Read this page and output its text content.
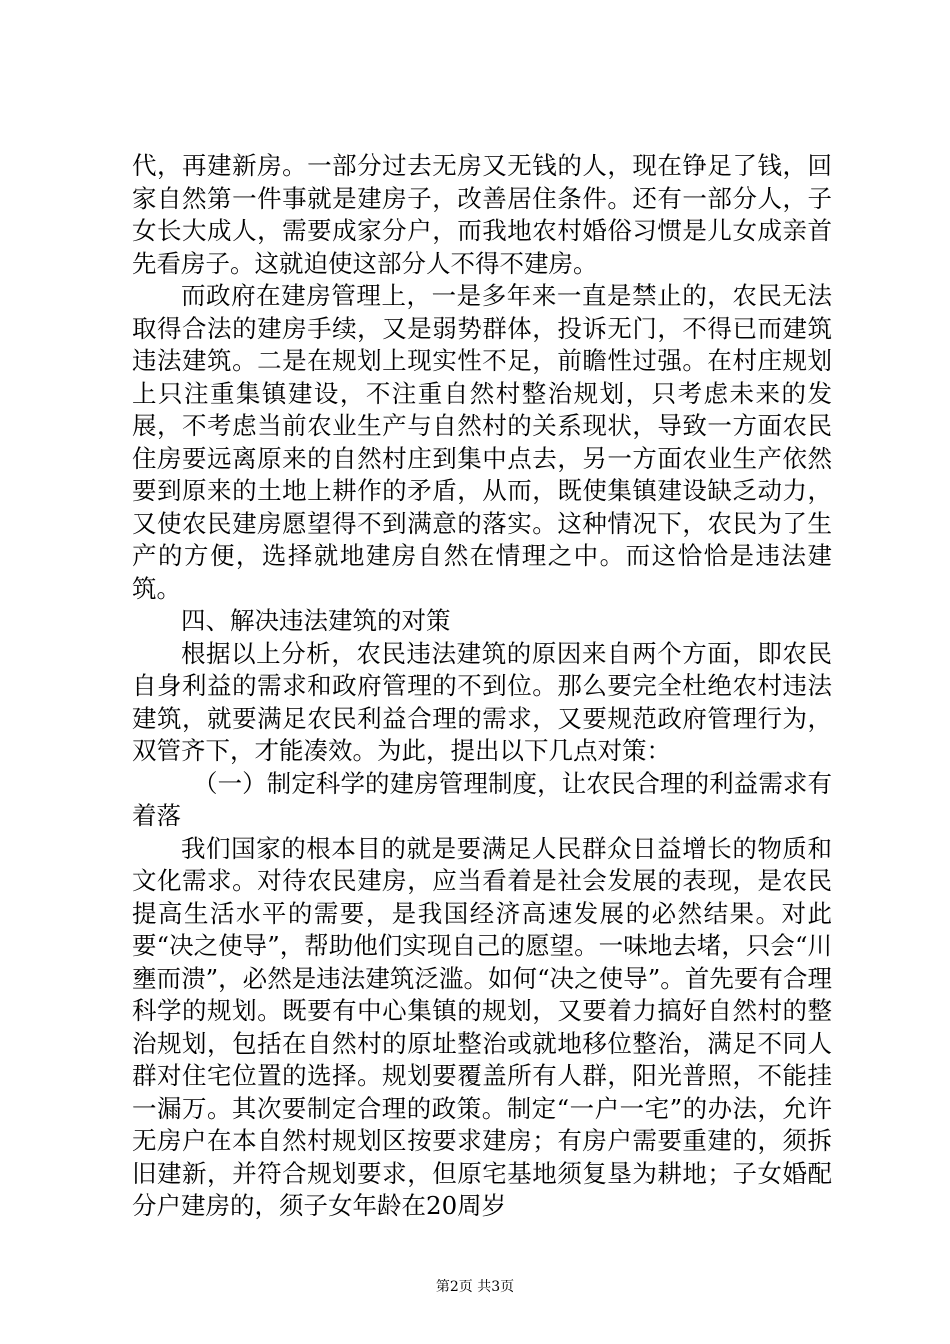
代，再建新房。一部分过去无房又无钱的人，现在铮足了钱，回家自然第一件事就是建房子，改善居住条件。还有一部分人，子女长大成人，需要成家分户，而我地农村婚俗习惯是儿女成亲首先看房子。这就迫使这部分人不得不建房。

而政府在建房管理上，一是多年来一直是禁止的，农民无法取得合法的建房手续，又是弱势群体，投诉无门，不得已而建筑违法建筑。二是在规划上现实性不足，前瞻性过强。在村庄规划上只注重集镇建设，不注重自然村整治规划，只考虑未来的发展，不考虑当前农业生产与自然村的关系现状，导致一方面农民住房要远离原来的自然村庄到集中点去，另一方面农业生产依然要到原来的土地上耕作的矛盾，从而，既使集镇建设缺乏动力，又使农民建房愿望得不到满意的落实。这种情况下，农民为了生产的方便，选择就地建房自然在情理之中。而这恰恰是违法建筑。

四、解决违法建筑的对策

根据以上分析，农民违法建筑的原因来自两个方面，即农民自身利益的需求和政府管理的不到位。那么要完全杜绝农村违法建筑，就要满足农民利益合理的需求，又要规范政府管理行为，双管齐下，才能凑效。为此，提出以下几点对策：

（一）制定科学的建房管理制度，让农民合理的利益需求有着落

我们国家的根本目的就是要满足人民群众日益增长的物质和文化需求。对待农民建房，应当看着是社会发展的表现，是农民提高生活水平的需要，是我国经济高速发展的必然结果。对此要“决之使导”，帮助他们实现自己的愿望。一味地去堵，只会“川壅而溃”，必然是违法建筑泛滥。如何“决之使导”。首先要有合理科学的规划。既要有中心集镇的规划，又要着力搞好自然村的整治规划，包括在自然村的原址整治或就地移位整治，满足不同人群对住宅位置的选择。规划要覆盖所有人群，阳光普照，不能挂一漏万。其次要制定合理的政策。制定“一户一宅”的办法，允许无房户在本自然村规划区按要求建房；有房户需要重建的，须拆旧建新，并符合规划要求，但原宅基地须复垦为耕地；子女婚配分户建房的，须子女年龄在20周岁

第2页 共3页
